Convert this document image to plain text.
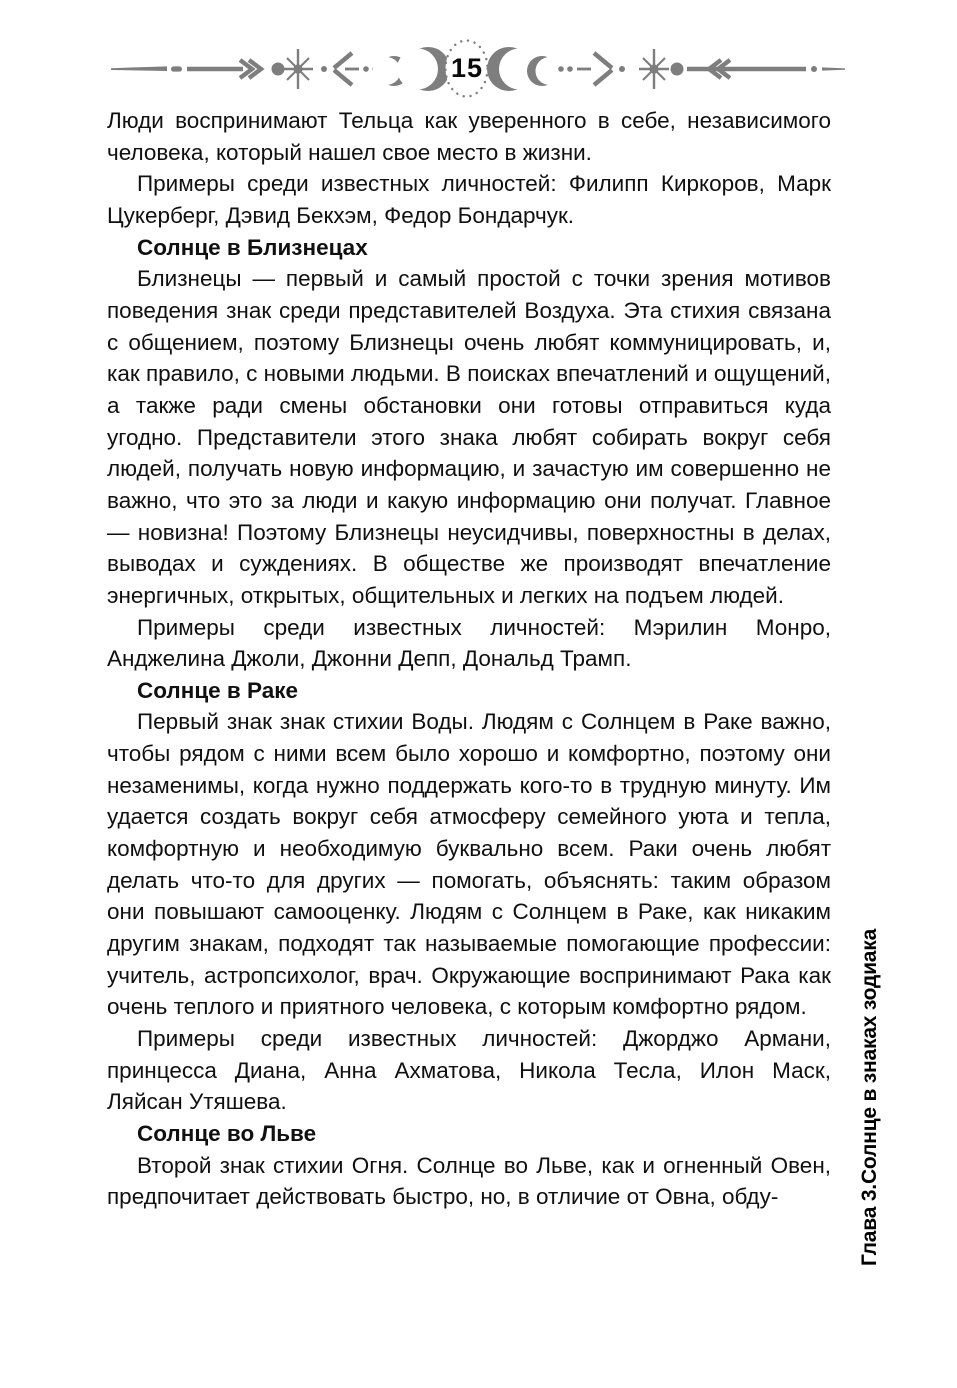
15

Люди воспринимают Тельца как уверенного в себе, независимого человека, который нашел свое место в жизни.

Примеры среди известных личностей: Филипп Киркоров, Марк Цукерберг, Дэвид Бекхэм, Федор Бондарчук.

Солнце в Близнецах

Близнецы — первый и самый простой с точки зрения мотивов поведения знак среди представителей Воздуха. Эта стихия связана с общением, поэтому Близнецы очень любят коммуницировать, и, как правило, с новыми людьми. В поисках впечатлений и ощущений, а также ради смены обстановки они готовы отправиться куда угодно. Представители этого знака любят собирать вокруг себя людей, получать новую информацию, и зачастую им совершенно не важно, что это за люди и какую информацию они получат. Главное — новизна! Поэтому Близнецы неусидчивы, поверхностны в делах, выводах и суждениях. В обществе же производят впечатление энергичных, открытых, общительных и легких на подъем людей.

Примеры среди известных личностей: Мэрилин Монро, Анджелина Джоли, Джонни Депп, Дональд Трамп.

Солнце в Раке

Первый знак знак стихии Воды. Людям с Солнцем в Раке важно, чтобы рядом с ними всем было хорошо и комфортно, поэтому они незаменимы, когда нужно поддержать кого-то в трудную минуту. Им удается создать вокруг себя атмосферу семейного уюта и тепла, комфортную и необходимую буквально всем. Раки очень любят делать что-то для других — помогать, объяснять: таким образом они повышают самооценку. Людям с Солнцем в Раке, как никаким другим знакам, подходят так называемые помогающие профессии: учитель, астропсихолог, врач. Окружающие воспринимают Рака как очень теплого и приятного человека, с которым комфортно рядом.

Примеры среди известных личностей: Джорджо Армани, принцесса Диана, Анна Ахматова, Никола Тесла, Илон Маск, Ляйсан Утяшева.

Солнце во Льве

Второй знак стихии Огня. Солнце во Льве, как и огненный Овен, предпочитает действовать быстро, но, в отличие от Овна, обду-	Глава 3.Солнце в знаках зодиака
